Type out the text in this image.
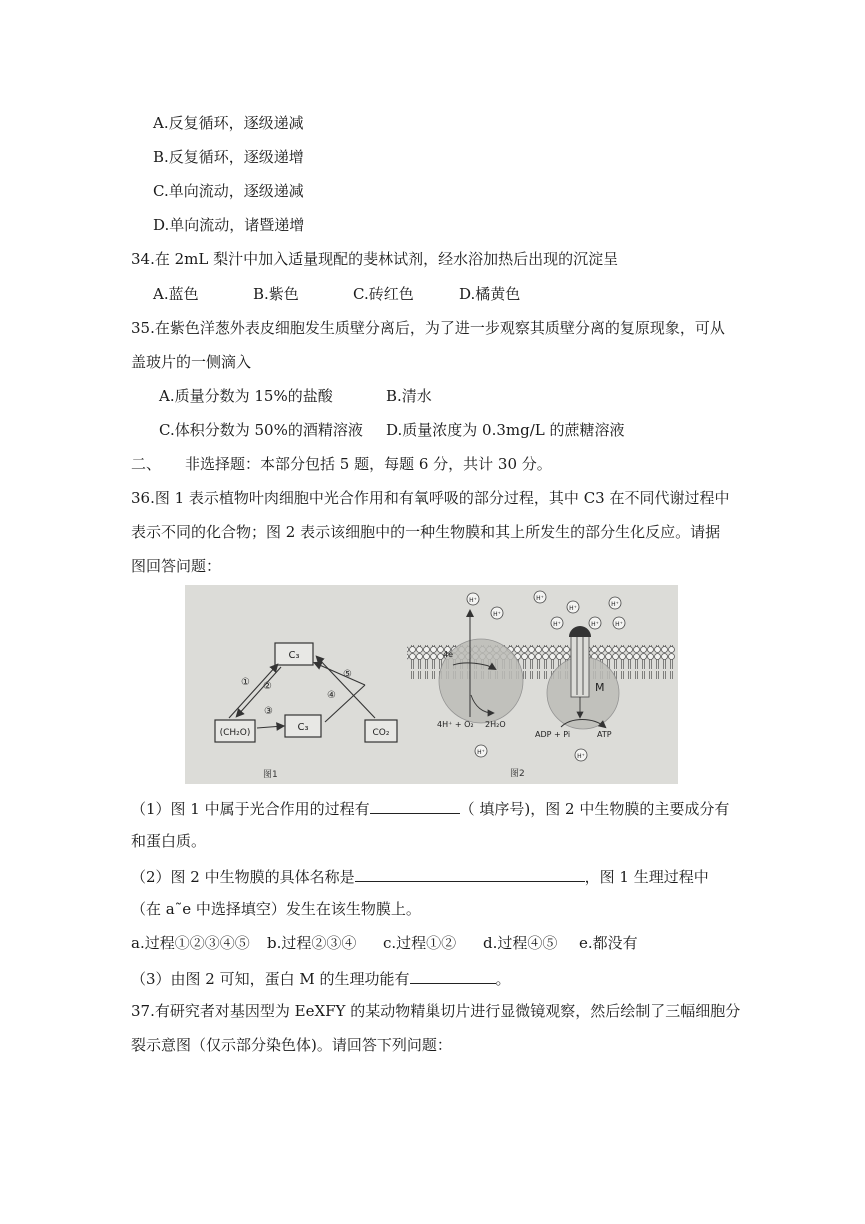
A.反复循环，逐级递减
B.反复循环，逐级递增
C.单向流动，逐级递减
D.单向流动，诸暨递增
34.在 2mL 梨汁中加入适量现配的斐林试剂，经水浴加热后出现的沉淀呈
A.蓝色	B.紫色	C.砖红色	D.橘黄色
35.在紫色洋葱外表皮细胞发生质壁分离后，为了进一步观察其质壁分离的复原现象，可从
盖玻片的一侧滴入
A.质量分数为 15%的盐酸	B.清水
C.体积分数为 50%的酒精溶液 D.质量浓度为 0.3mg/L 的蔗糖溶液
二、 非选择题：本部分包括 5 题，每题 6 分，共计 30 分。
36.图 1 表示植物叶肉细胞中光合作用和有氧呼吸的部分过程，其中 C3 在不同代谢过程中
表示不同的化合物；图 2 表示该细胞中的一种生物膜和其上所发生的部分生化反应。请据
图回答问题：
C₃
C₃
(CH₂O)	CO₂
① ②
③
④
⑤
图1
M
4e
4H⁺ + O₂ 2H₂O
ADP + Pi	ATP
H⁺
H⁺
H⁺
H⁺
H⁺	H⁺
H⁺
H⁺
H⁺
H⁺
图2
（1）图 1 中属于光合作用的过程有	（ 填序号)，图 2 中生物膜的主要成分有
和蛋白质。
（2）图 2 中生物膜的具体名称是	，图 1 生理过程中
（在 a˜e 中选择填空）发生在该生物膜上。
a.过程①②③④⑤ b.过程②③④ c.过程①② d.过程④⑤ e.都没有
（3）由图 2 可知，蛋白 M 的生理功能有	。
37.有研究者对基因型为 EeXFY 的某动物精巢切片进行显微镜观察，然后绘制了三幅细胞分
裂示意图（仅示部分染色体)。请回答下列问题：
